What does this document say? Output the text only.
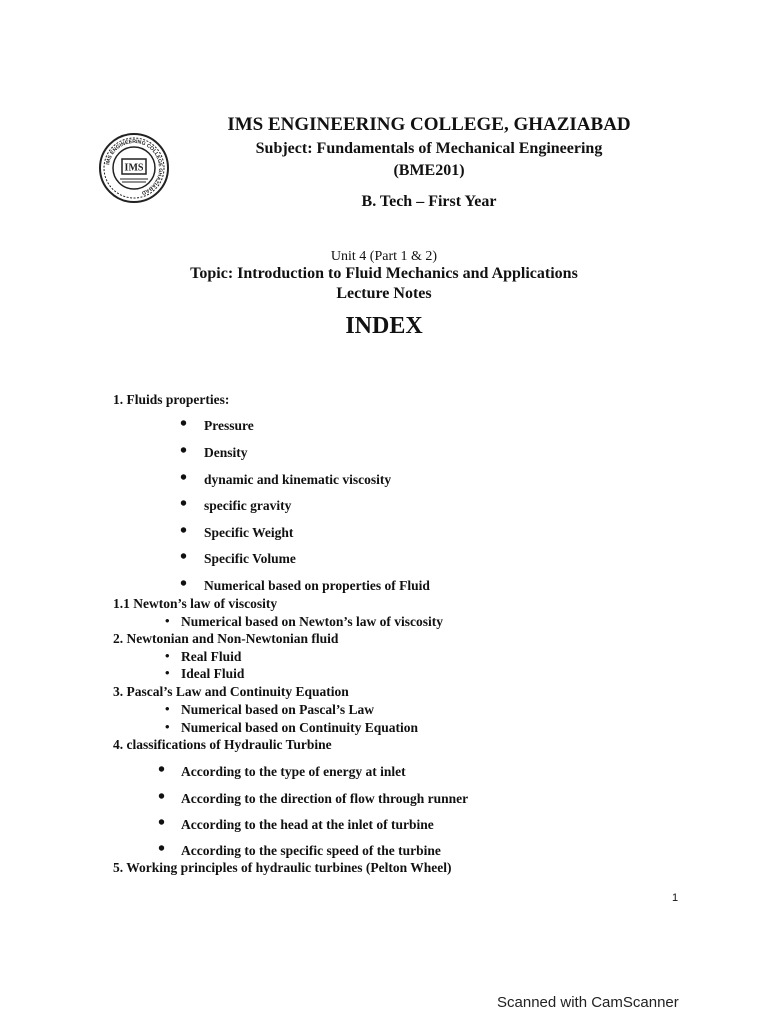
IMS ENGINEERING COLLEGE GHAZIABAD
IMS
IMS ENGINEERING COLLEGE, GHAZIABAD
Subject: Fundamentals of Mechanical Engineering
(BME201)
B. Tech – First Year
Unit 4 (Part 1 & 2)
Topic: Introduction to Fluid Mechanics and Applications
Lecture Notes
INDEX
1. Fluids properties:
• Pressure
• Density
• dynamic and kinematic viscosity
• specific gravity
• Specific Weight
• Specific Volume
• Numerical based on properties of Fluid
1.1 Newton’s law of viscosity
• Numerical based on Newton’s law of viscosity
2. Newtonian and Non-Newtonian fluid
• Real Fluid
• Ideal Fluid
3. Pascal’s Law and Continuity Equation
• Numerical based on Pascal’s Law
• Numerical based on Continuity Equation
4. classifications of Hydraulic Turbine
• According to the type of energy at inlet
• According to the direction of flow through runner
• According to the head at the inlet of turbine
• According to the specific speed of the turbine
5. Working principles of hydraulic turbines (Pelton Wheel)
1
Scanned with CamScanner
